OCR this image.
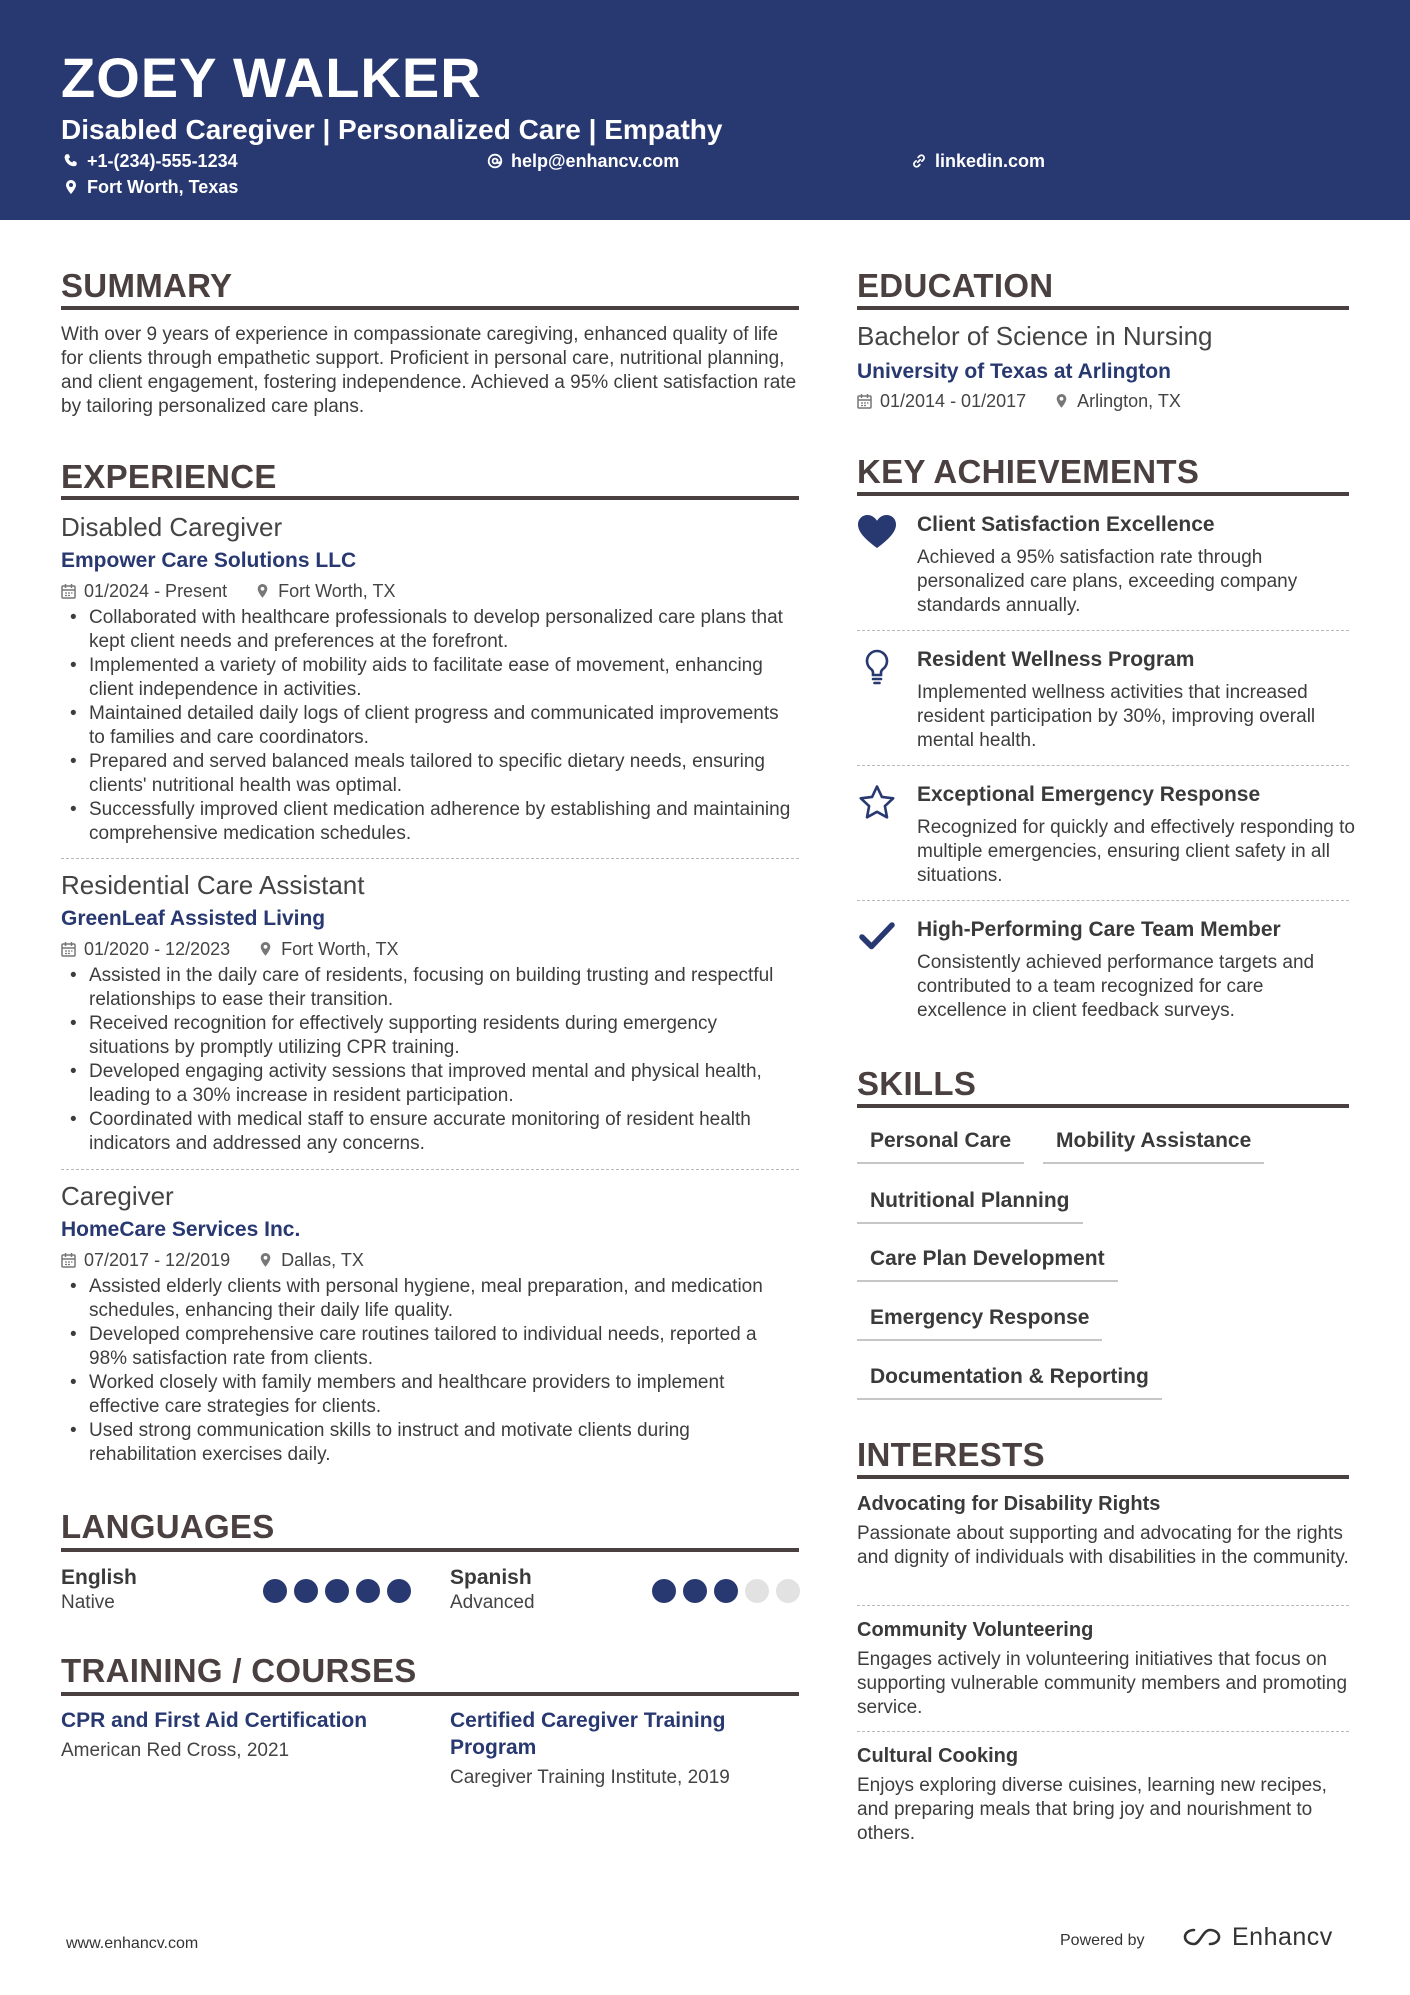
ZOEY WALKER
Disabled Caregiver | Personalized Care | Empathy
+1-(234)-555-1234	help@enhancv.com	linkedin.com
Fort Worth, Texas
SUMMARY
With over 9 years of experience in compassionate caregiving, enhanced quality of life for clients through empathetic support. Proficient in personal care, nutritional planning, and client engagement, fostering independence. Achieved a 95% client satisfaction rate by tailoring personalized care plans.
EXPERIENCE
Disabled Caregiver
Empower Care Solutions LLC
01/2024 - Present	Fort Worth, TX
• Collaborated with healthcare professionals to develop personalized care plans that kept client needs and preferences at the forefront.
• Implemented a variety of mobility aids to facilitate ease of movement, enhancing client independence in activities.
• Maintained detailed daily logs of client progress and communicated improvements to families and care coordinators.
• Prepared and served balanced meals tailored to specific dietary needs, ensuring clients' nutritional health was optimal.
• Successfully improved client medication adherence by establishing and maintaining comprehensive medication schedules.
Residential Care Assistant
GreenLeaf Assisted Living
01/2020 - 12/2023	Fort Worth, TX
• Assisted in the daily care of residents, focusing on building trusting and respectful relationships to ease their transition.
• Received recognition for effectively supporting residents during emergency situations by promptly utilizing CPR training.
• Developed engaging activity sessions that improved mental and physical health, leading to a 30% increase in resident participation.
• Coordinated with medical staff to ensure accurate monitoring of resident health indicators and addressed any concerns.
Caregiver
HomeCare Services Inc.
07/2017 - 12/2019	Dallas, TX
• Assisted elderly clients with personal hygiene, meal preparation, and medication schedules, enhancing their daily life quality.
• Developed comprehensive care routines tailored to individual needs, reported a 98% satisfaction rate from clients.
• Worked closely with family members and healthcare providers to implement effective care strategies for clients.
• Used strong communication skills to instruct and motivate clients during rehabilitation exercises daily.
LANGUAGES
English
Native
Spanish
Advanced
TRAINING / COURSES
CPR and First Aid Certification
American Red Cross, 2021
Certified Caregiver Training Program
Caregiver Training Institute, 2019
EDUCATION
Bachelor of Science in Nursing
University of Texas at Arlington
01/2014 - 01/2017	Arlington, TX
KEY ACHIEVEMENTS
Client Satisfaction Excellence
Achieved a 95% satisfaction rate through personalized care plans, exceeding company standards annually.
Resident Wellness Program
Implemented wellness activities that increased resident participation by 30%, improving overall mental health.
Exceptional Emergency Response
Recognized for quickly and effectively responding to multiple emergencies, ensuring client safety in all situations.
High-Performing Care Team Member
Consistently achieved performance targets and contributed to a team recognized for care excellence in client feedback surveys.
SKILLS
Personal Care	Mobility Assistance
Nutritional Planning
Care Plan Development
Emergency Response
Documentation & Reporting
INTERESTS
Advocating for Disability Rights
Passionate about supporting and advocating for the rights and dignity of individuals with disabilities in the community.
Community Volunteering
Engages actively in volunteering initiatives that focus on supporting vulnerable community members and promoting service.
Cultural Cooking
Enjoys exploring diverse cuisines, learning new recipes, and preparing meals that bring joy and nourishment to others.
www.enhancv.com	Powered by	Enhancv
